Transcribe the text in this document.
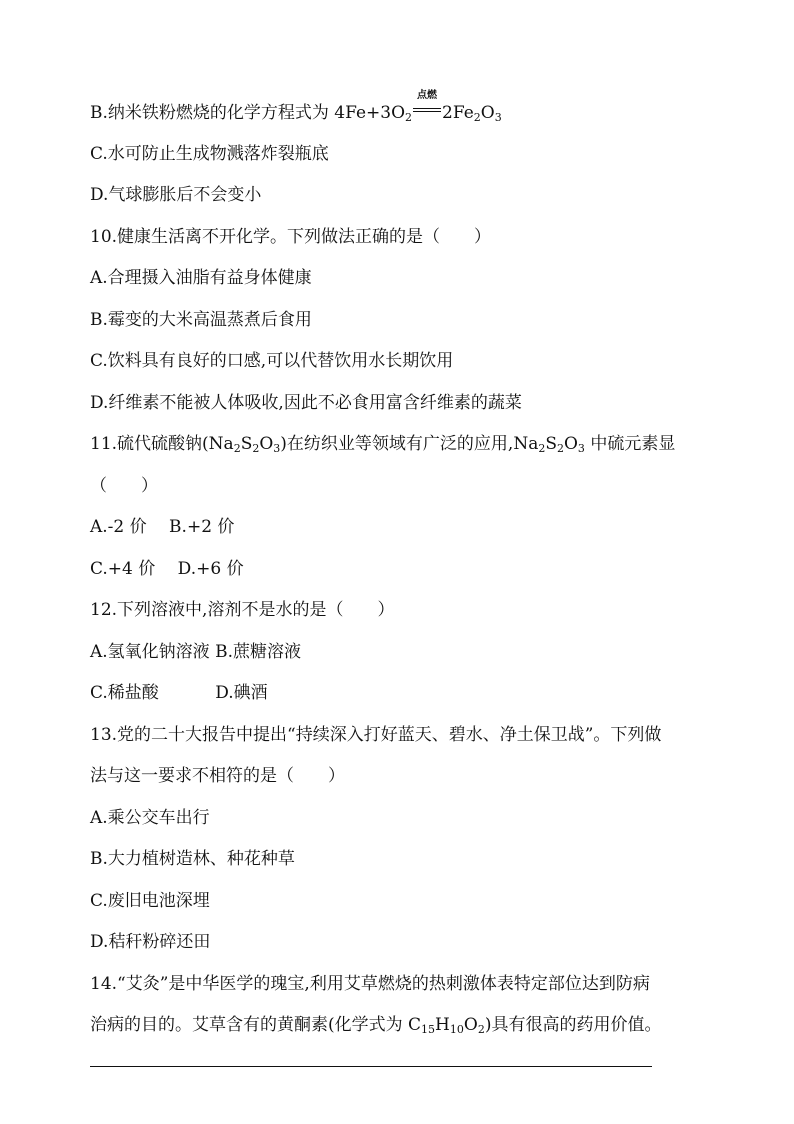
B.纳米铁粉燃烧的化学方程式为 $4Fe+3O_2$
点燃
$2Fe_2O_3$
C.水可防止生成物溅落炸裂瓶底
D.气球膨胀后不会变小
10.健康生活离不开化学。下列做法正确的是（　　）
A.合理摄入油脂有益身体健康
B.霉变的大米高温蒸煮后食用
C.饮料具有良好的口感,可以代替饮用水长期饮用
D.纤维素不能被人体吸收,因此不必食用富含纤维素的蔬菜
11.硫代硫酸钠$(Na_2S_2O_3)$在纺织业等领域有广泛的应用$,Na_2S_2O_3$ 中硫元素显
（　　）
A.-2 价　 B.+2 价
C.+4 价　 D.+6 价
12.下列溶液中,溶剂不是水的是（　　）
A.氢氧化钠溶液 B.蔗糖溶液
C.稀盐酸　　　 D.碘酒
13.党的二十大报告中提出“持续深入打好蓝天、碧水、净土保卫战”。下列做
法与这一要求不相符的是（　　）
A.乘公交车出行
B.大力植树造林、种花种草
C.废旧电池深埋
D.秸秆粉碎还田
14.“艾灸”是中华医学的瑰宝,利用艾草燃烧的热刺激体表特定部位达到防病
治病的目的。艾草含有的黄酮素(化学式为 $C_{15}H_{10}O_2$)具有很高的药用价值。
